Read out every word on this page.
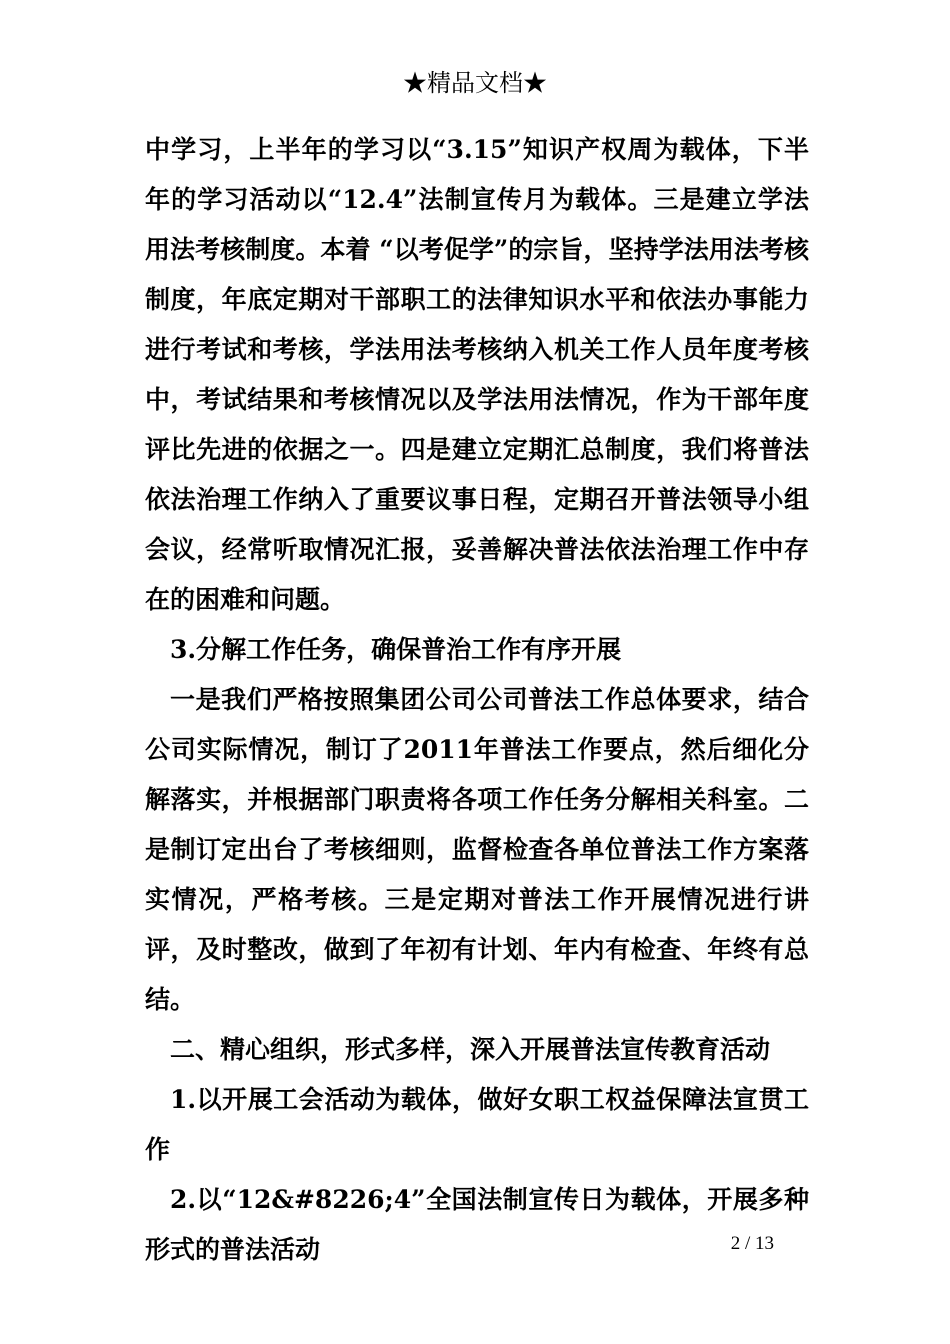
★精品文档★

中学习，上半年的学习以“3.15”知识产权周为载体，下半年的学习活动以“12.4”法制宣传月为载体。三是建立学法用法考核制度。本着 “以考促学”的宗旨，坚持学法用法考核制度，年底定期对干部职工的法律知识水平和依法办事能力进行考试和考核，学法用法考核纳入机关工作人员年度考核中，考试结果和考核情况以及学法用法情况，作为干部年度评比先进的依据之一。四是建立定期汇总制度，我们将普法依法治理工作纳入了重要议事日程，定期召开普法领导小组会议，经常听取情况汇报，妥善解决普法依法治理工作中存在的困难和问题。

3.分解工作任务，确保普治工作有序开展

一是我们严格按照集团公司公司普法工作总体要求，结合公司实际情况，制订了2011年普法工作要点，然后细化分解落实，并根据部门职责将各项工作任务分解相关科室。二是制订定出台了考核细则，监督检查各单位普法工作方案落实情况，严格考核。三是定期对普法工作开展情况进行讲评，及时整改，做到了年初有计划、年内有检查、年终有总结。

二、精心组织，形式多样，深入开展普法宣传教育活动

1.以开展工会活动为载体，做好女职工权益保障法宣贯工作

2.以“12&#8226;4”全国法制宣传日为载体，开展多种形式的普法活动	2 / 13
